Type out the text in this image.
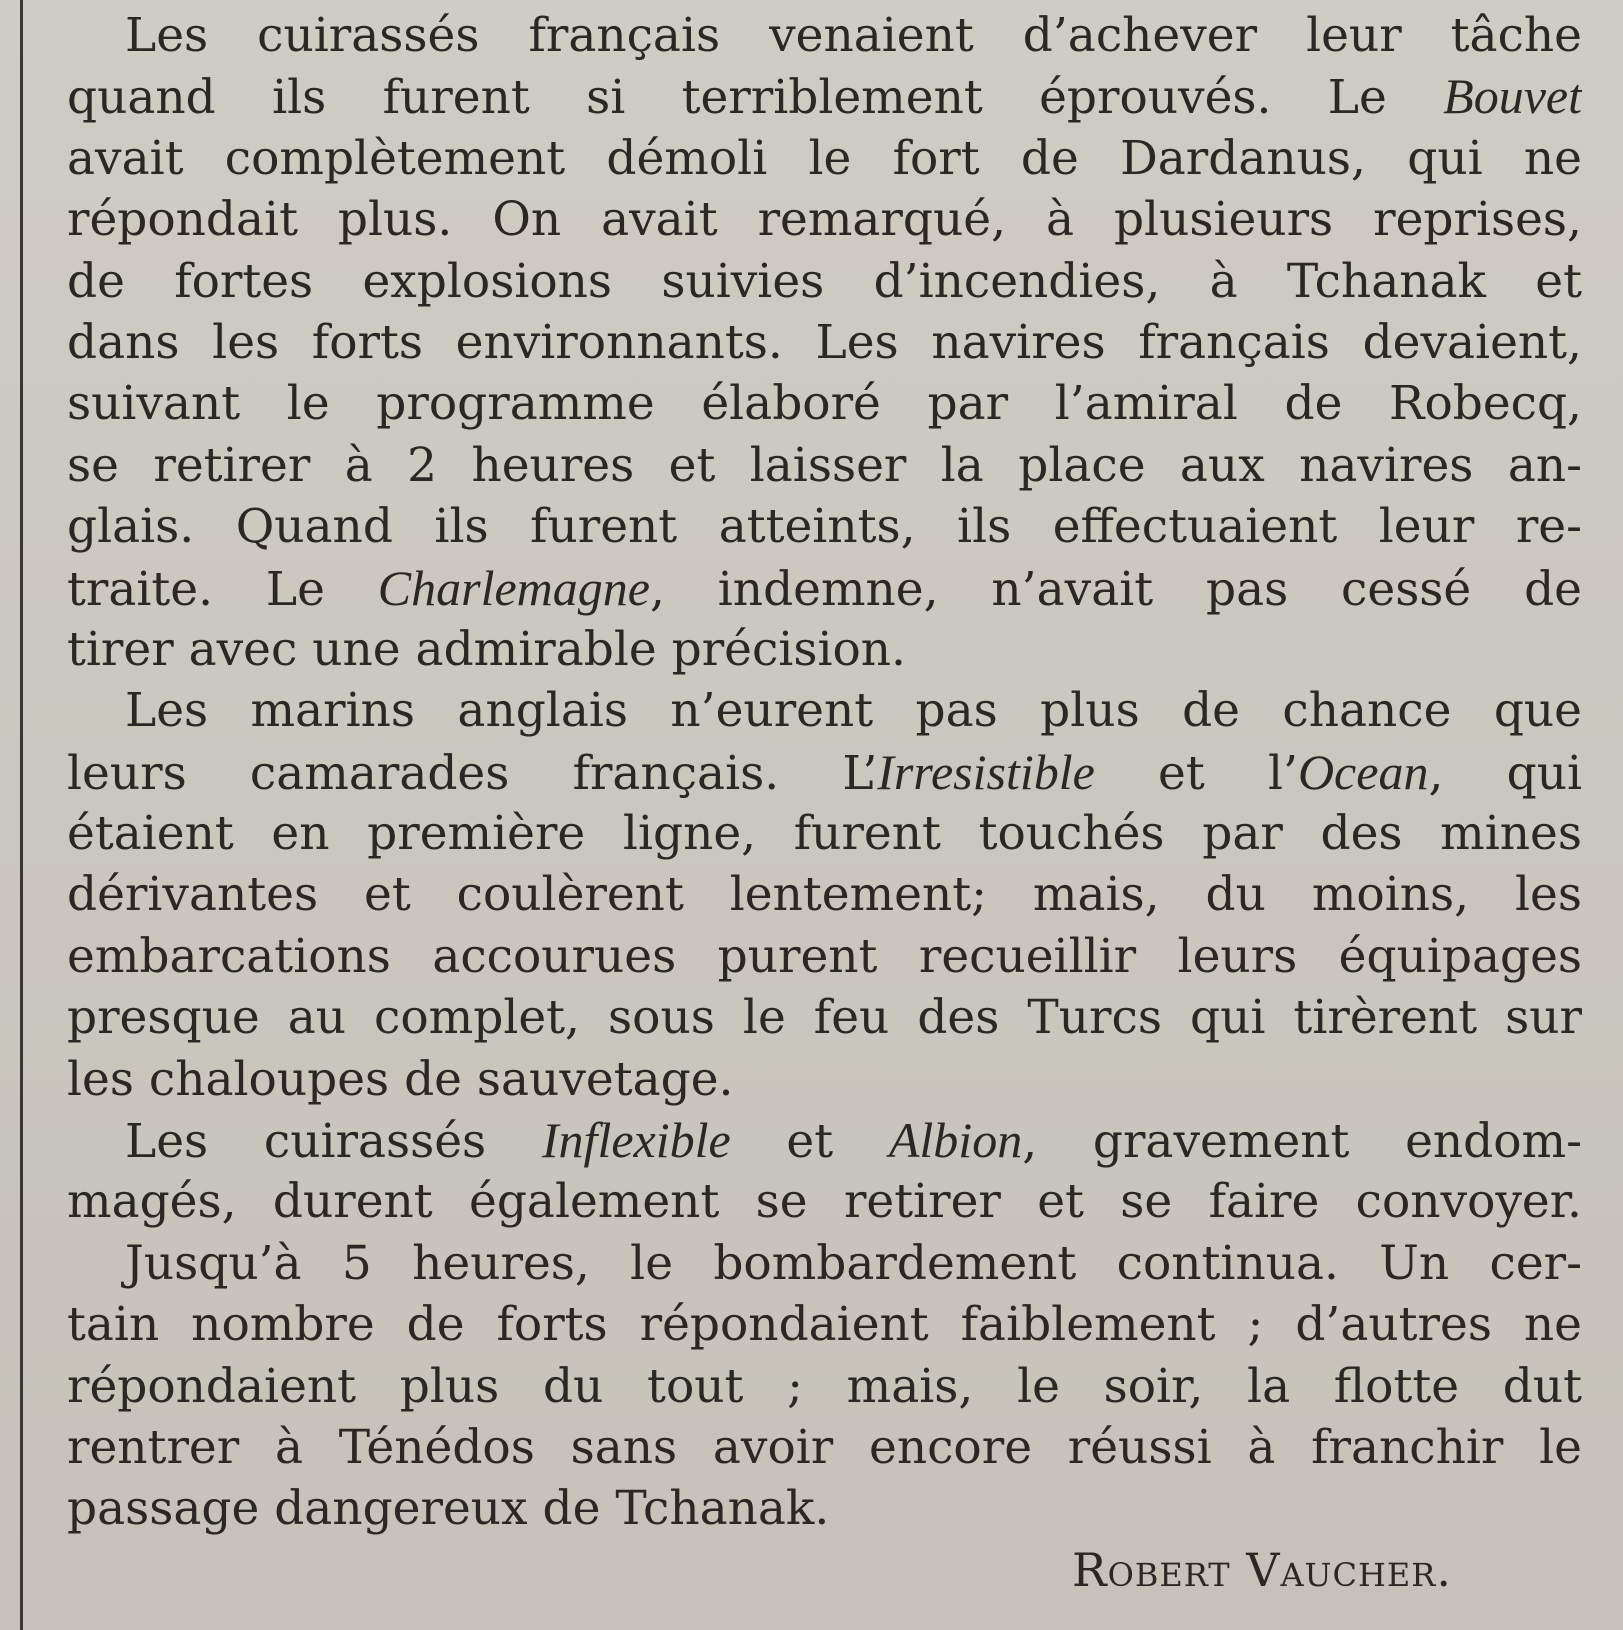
Les cuirassés français venaient d’achever leur tâche
quand ils furent si terriblement éprouvés. Le Bouvet
avait complètement démoli le fort de Dardanus, qui ne
répondait plus. On avait remarqué, à plusieurs reprises,
de fortes explosions suivies d’incendies, à Tchanak et
dans les forts environnants. Les navires français devaient,
suivant le programme élaboré par l’amiral de Robecq,
se retirer à 2 heures et laisser la place aux navires an-
glais. Quand ils furent atteints, ils effectuaient leur re-
traite. Le Charlemagne, indemne, n’avait pas cessé de
tirer avec une admirable précision.
Les marins anglais n’eurent pas plus de chance que
leurs camarades français. L’Irresistible et l’Ocean, qui
étaient en première ligne, furent touchés par des mines
dérivantes et coulèrent lentement; mais, du moins, les
embarcations accourues purent recueillir leurs équipages
presque au complet, sous le feu des Turcs qui tirèrent sur
les chaloupes de sauvetage.
Les cuirassés Inflexible et Albion, gravement endom-
magés, durent également se retirer et se faire convoyer.
Jusqu’à 5 heures, le bombardement continua. Un cer-
tain nombre de forts répondaient faiblement ; d’autres ne
répondaient plus du tout ; mais, le soir, la flotte dut
rentrer à Ténédos sans avoir encore réussi à franchir le
passage dangereux de Tchanak.
Robert Vaucher.
